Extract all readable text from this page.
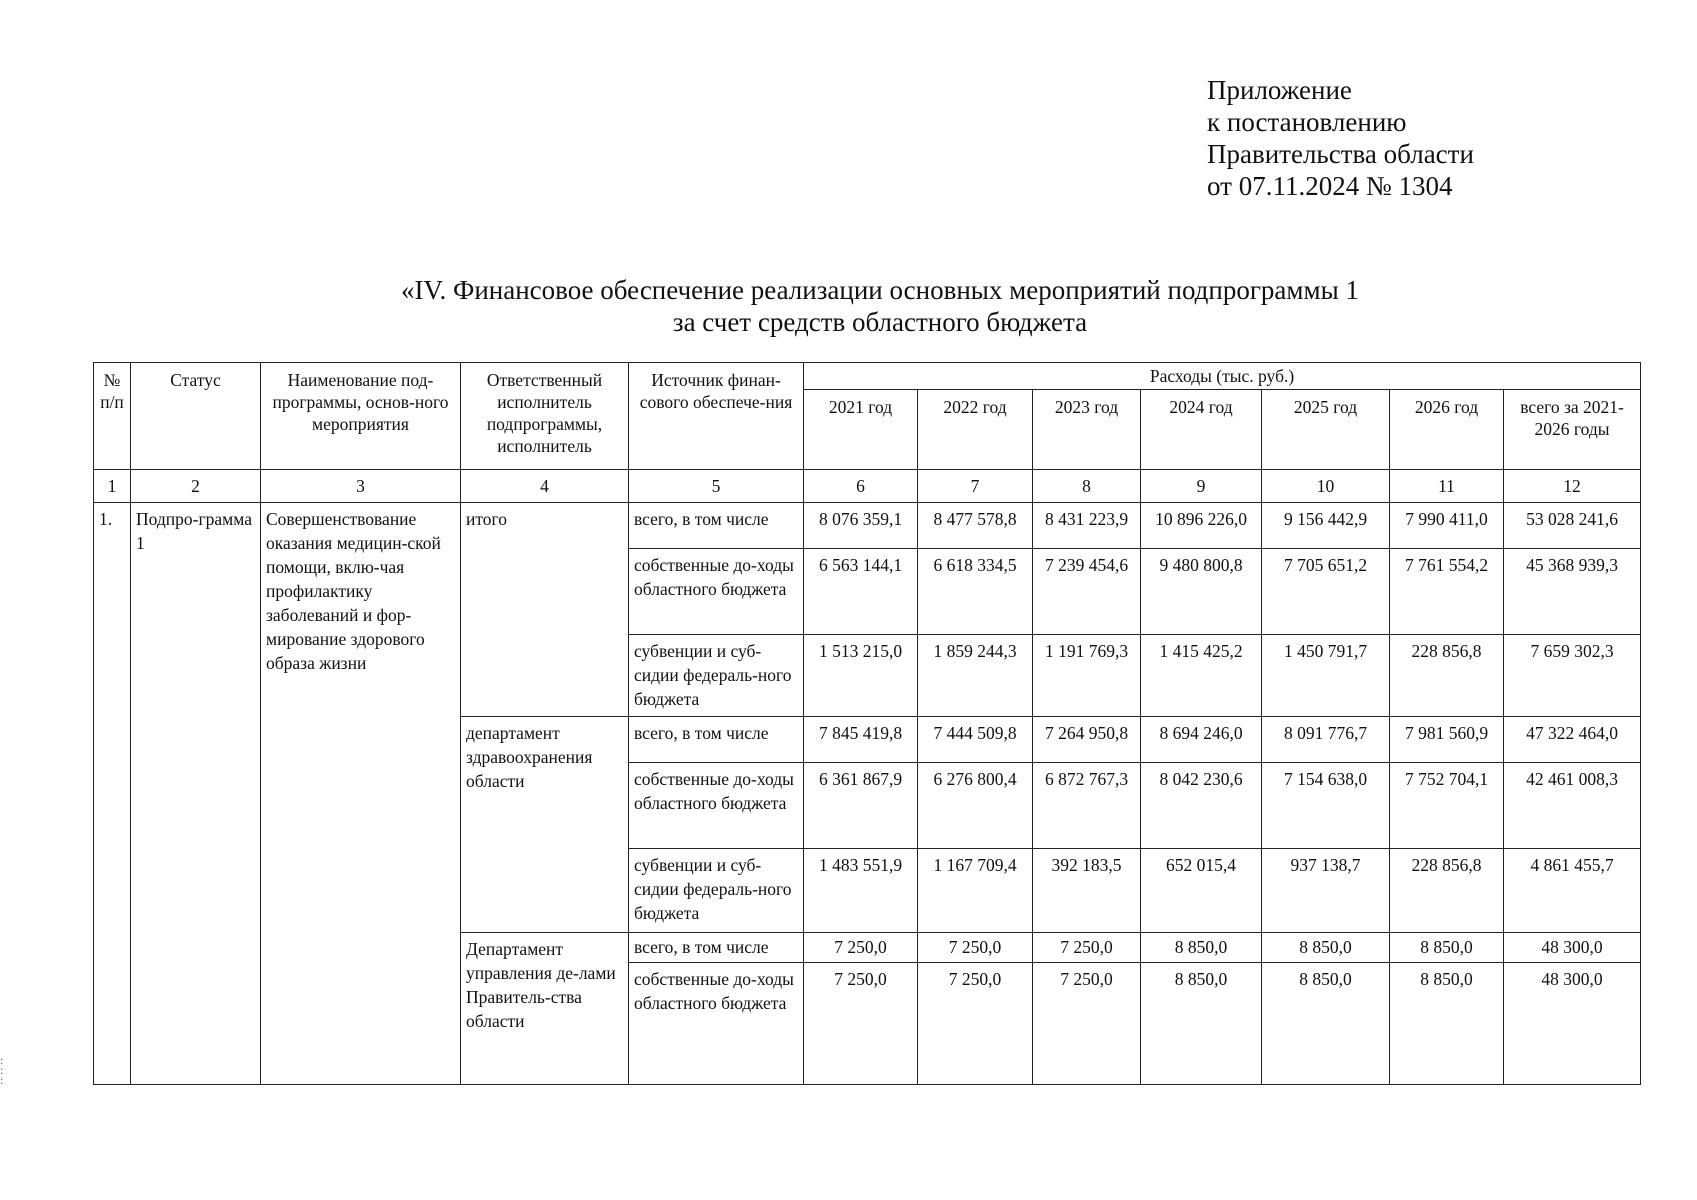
Приложение
к постановлению
Правительства области
от 07.11.2024 № 1304
«IV. Финансовое обеспечение реализации основных мероприятий подпрограммы 1
за счет средств областного бюджета
№ п/п	Статус	Наименование под-программы, основ-ного мероприятия	Ответственный исполнитель подпрограммы, исполнитель	Источник финан-сового обеспече-ния	Расходы (тыс. руб.)						
					2021 год	2022 год	2023 год	2024 год	2025 год	2026 год	всего за 2021-2026 годы
1	2	3	4	5	6	7	8	9	10	11	12
1.	Подпро-грамма 1	Совершенствование оказания медицин-ской помощи, вклю-чая профилактику заболеваний и фор-мирование здорового образа жизни	итого	всего, в том числе	8 076 359,1	8 477 578,8	8 431 223,9	10 896 226,0	9 156 442,9	7 990 411,0	53 028 241,6
				собственные до-ходы областного бюджета	6 563 144,1	6 618 334,5	7 239 454,6	9 480 800,8	7 705 651,2	7 761 554,2	45 368 939,3
				субвенции и суб-сидии федераль-ного бюджета	1 513 215,0	1 859 244,3	1 191 769,3	1 415 425,2	1 450 791,7	228 856,8	7 659 302,3
			департамент здравоохранения области	всего, в том числе	7 845 419,8	7 444 509,8	7 264 950,8	8 694 246,0	8 091 776,7	7 981 560,9	47 322 464,0
				собственные до-ходы областного бюджета	6 361 867,9	6 276 800,4	6 872 767,3	8 042 230,6	7 154 638,0	7 752 704,1	42 461 008,3
				субвенции и суб-сидии федераль-ного бюджета	1 483 551,9	1 167 709,4	392 183,5	652 015,4	937 138,7	228 856,8	4 861 455,7
			Департамент управления де-лами Правитель-ства области	всего, в том числе	7 250,0	7 250,0	7 250,0	8 850,0	8 850,0	8 850,0	48 300,0
				собственные до-ходы областного бюджета	7 250,0	7 250,0	7 250,0	8 850,0	8 850,0	8 850,0	48 300,0
:
:
:
